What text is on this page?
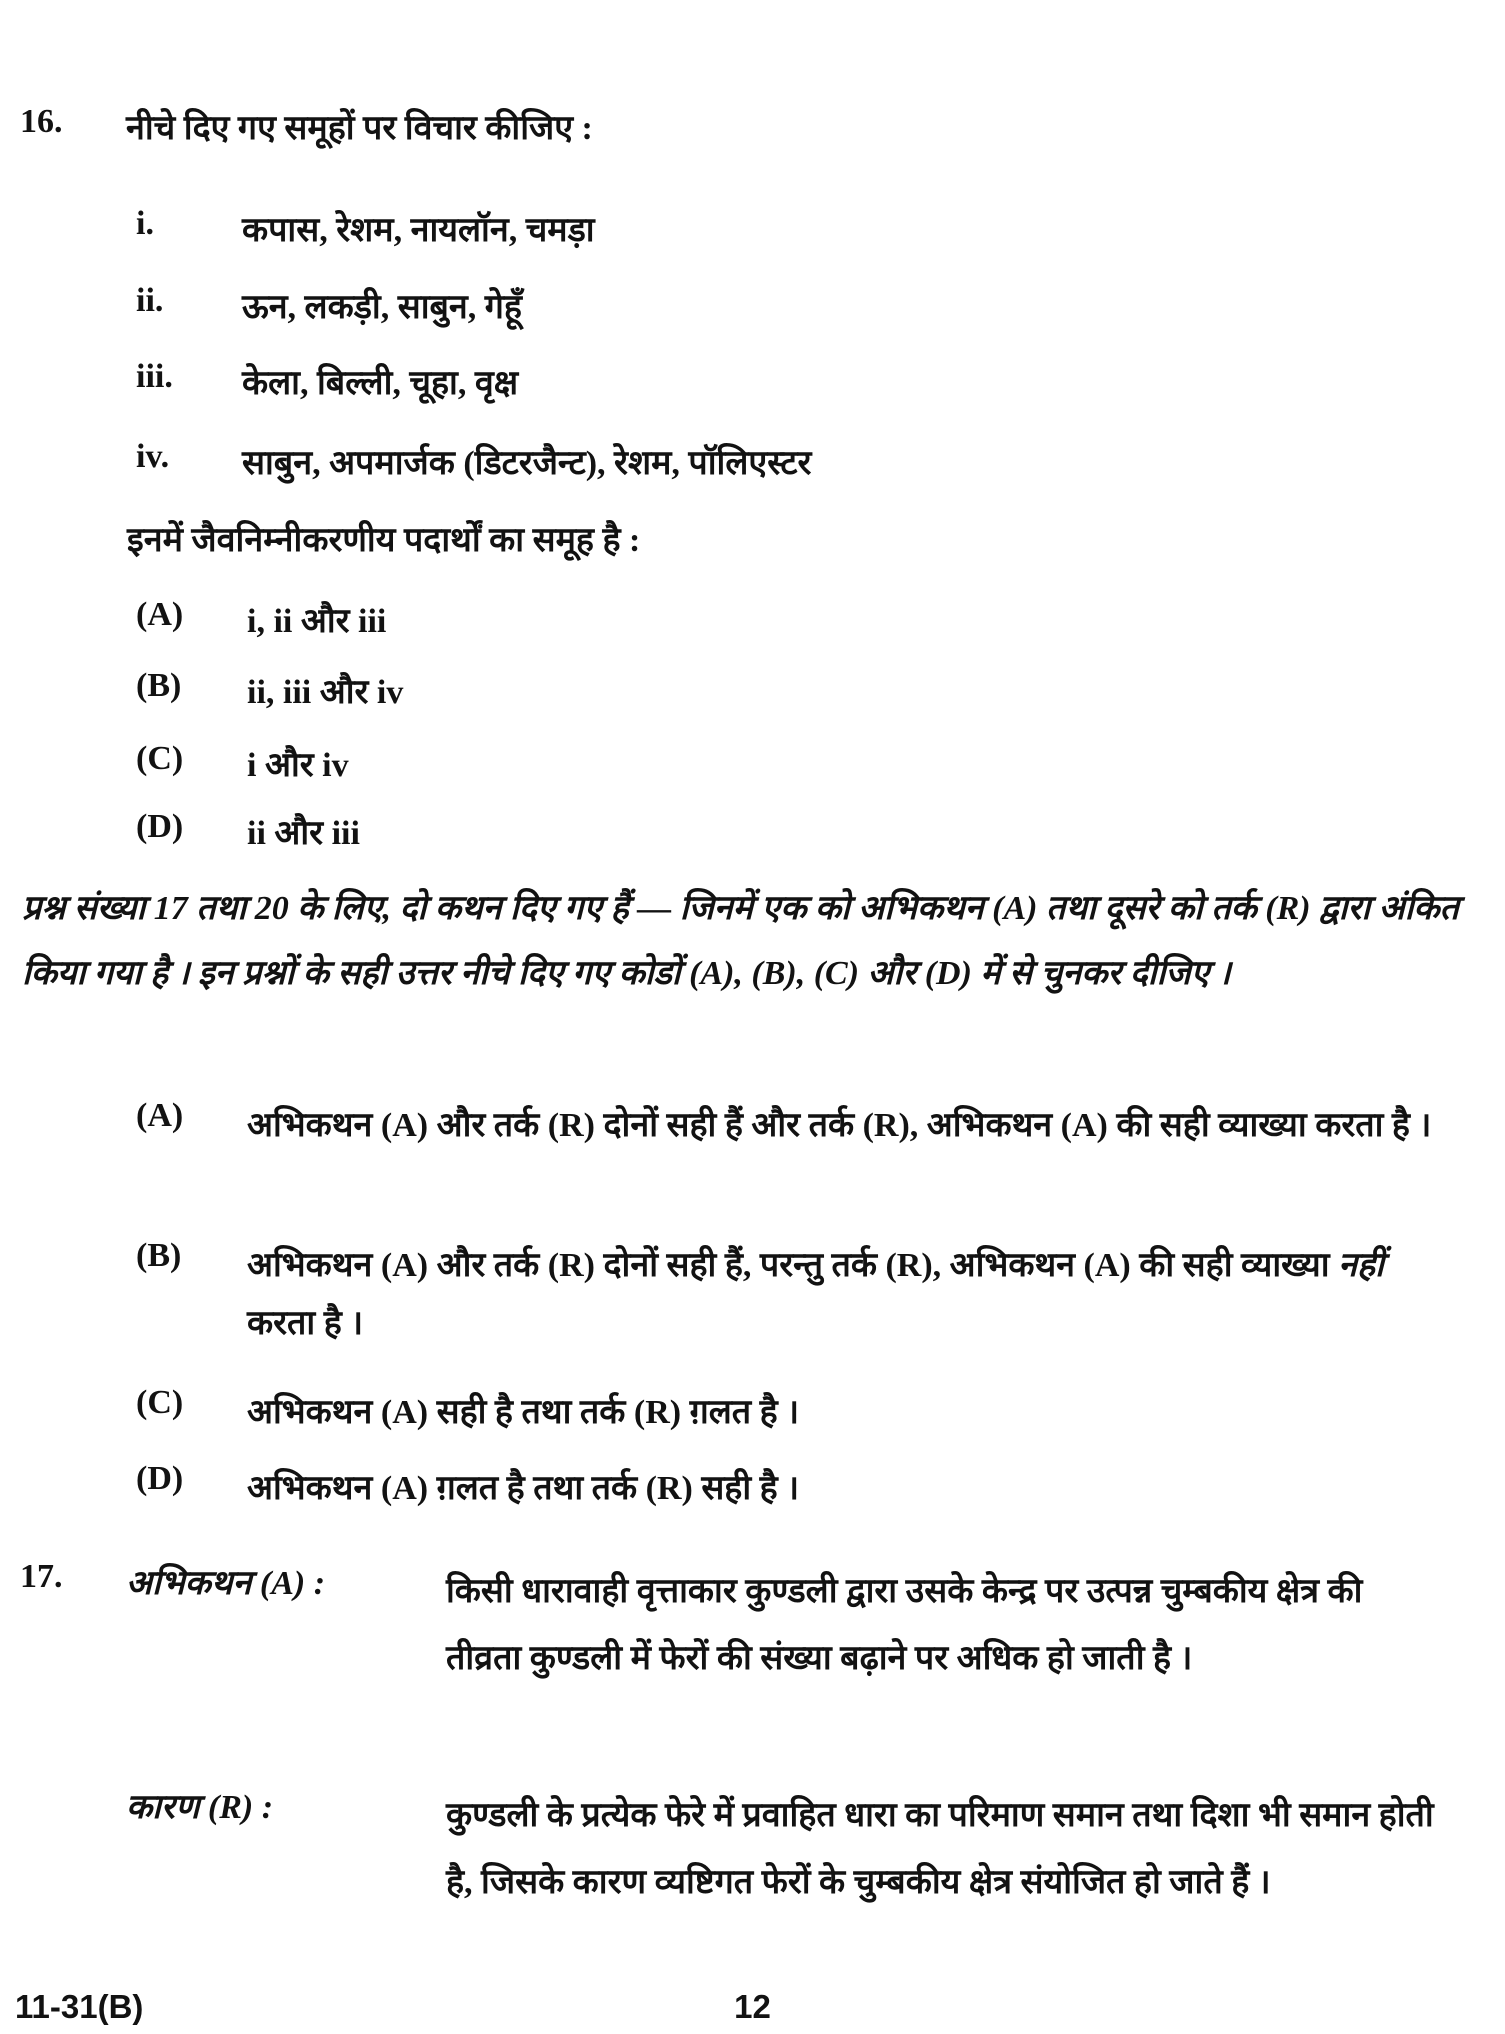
16.	नीचे दिए गए समूहों पर विचार कीजिए :
i.	कपास, रेशम, नायलॉन, चमड़ा
ii.	ऊन, लकड़ी, साबुन, गेहूँ
iii.	केला, बिल्ली, चूहा, वृक्ष
iv.	साबुन, अपमार्जक (डिटरजैन्ट), रेशम, पॉलिएस्टर
इनमें जैवनिम्नीकरणीय पदार्थों का समूह है :
(A)	i, ii और iii
(B)	ii, iii और iv
(C)	i और iv
(D)	ii और iii
प्रश्न संख्या 17 तथा 20 के लिए, दो कथन दिए गए हैं — जिनमें एक को अभिकथन (A) तथा दूसरे को तर्क (R) द्वारा अंकित किया गया है । इन प्रश्नों के सही उत्तर नीचे दिए गए कोडों (A), (B), (C) और (D) में से चुनकर दीजिए ।
(A)	अभिकथन (A) और तर्क (R) दोनों सही हैं और तर्क (R), अभिकथन (A) की सही व्याख्या करता है ।
(B)	अभिकथन (A) और तर्क (R) दोनों सही हैं, परन्तु तर्क (R), अभिकथन (A) की सही व्याख्या नहीं करता है ।
(C)	अभिकथन (A) सही है तथा तर्क (R) ग़लत है ।
(D)	अभिकथन (A) ग़लत है तथा तर्क (R) सही है ।
17.	अभिकथन (A) :	किसी धारावाही वृत्ताकार कुण्डली द्वारा उसके केन्द्र पर उत्पन्न चुम्बकीय क्षेत्र की तीव्रता कुण्डली में फेरों की संख्या बढ़ाने पर अधिक हो जाती है ।
कारण (R) :	कुण्डली के प्रत्येक फेरे में प्रवाहित धारा का परिमाण समान तथा दिशा भी समान होती है, जिसके कारण व्यष्टिगत फेरों के चुम्बकीय क्षेत्र संयोजित हो जाते हैं ।
11-31(B)	12
